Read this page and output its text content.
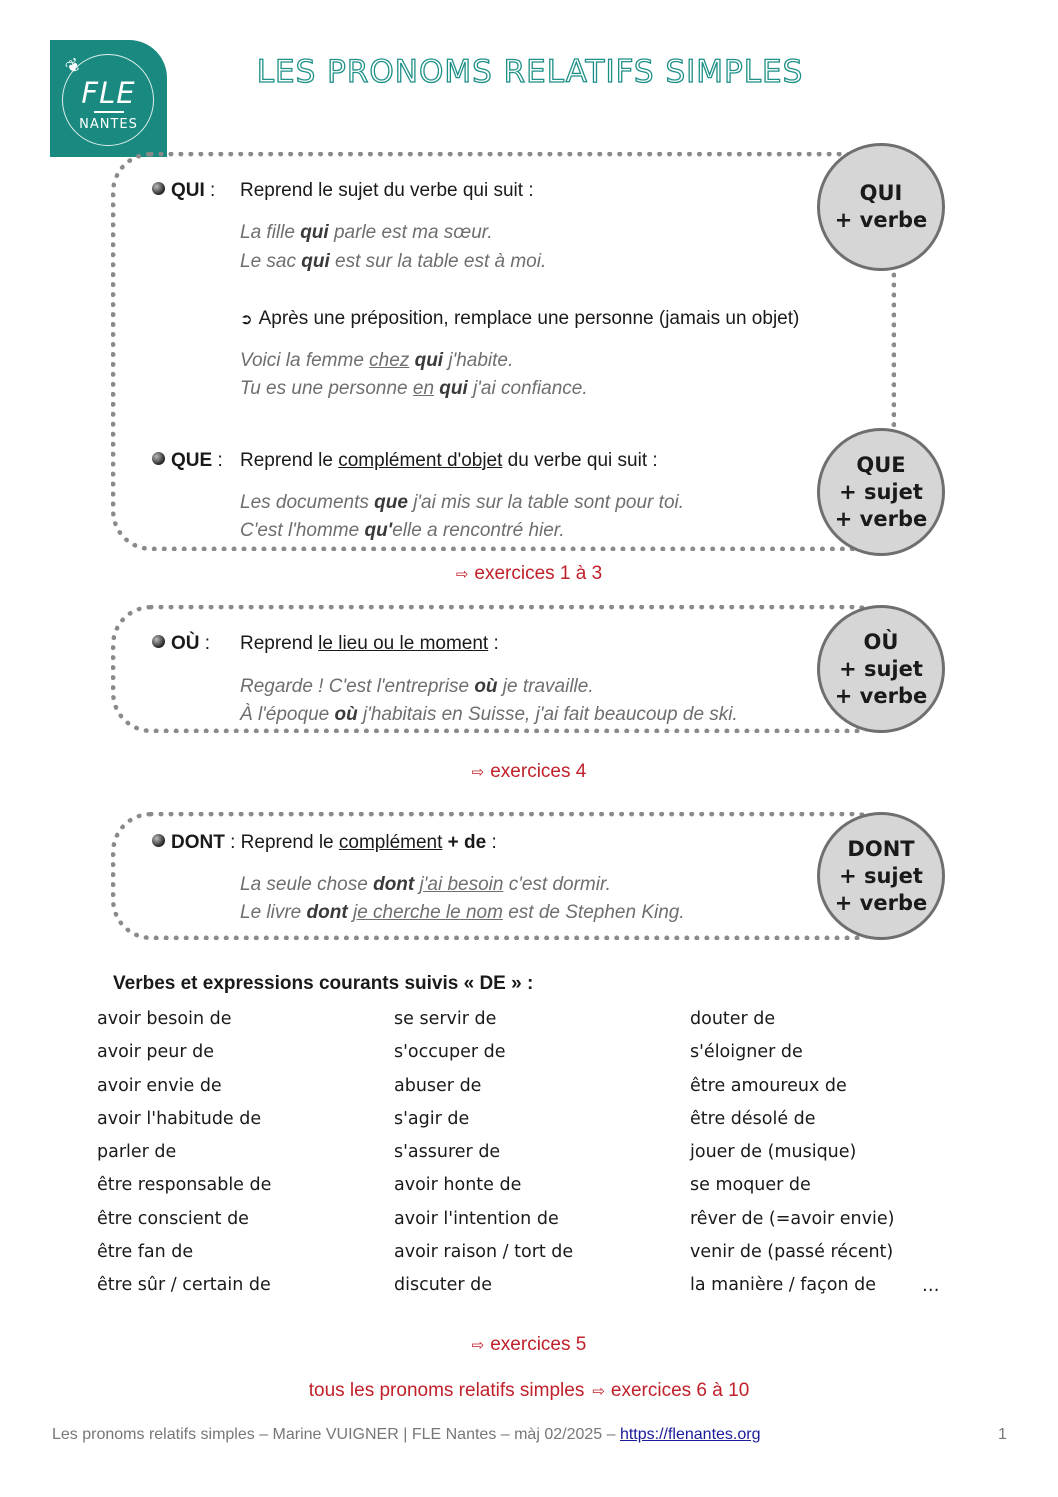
❦
FLE
NANTES
LES PRONOMS RELATIFS SIMPLES
QUI
+ verbe
QUE
+ sujet
+ verbe
QUI : Reprend le sujet du verbe qui suit :
La fille qui parle est ma sœur.
Le sac qui est sur la table est à moi.
➲ Après une préposition, remplace une personne (jamais un objet)
Voici la femme chez qui j'habite.
Tu es une personne en qui j'ai confiance.
QUE : Reprend le complément d'objet du verbe qui suit :
Les documents que j'ai mis sur la table sont pour toi.
C'est l'homme qu'elle a rencontré hier.
⇨ exercices 1 à 3
OÙ
+ sujet
+ verbe
OÙ : Reprend le lieu ou le moment :
Regarde ! C'est l'entreprise où je travaille.
À l'époque où j'habitais en Suisse, j'ai fait beaucoup de ski.
⇨ exercices 4
DONT
+ sujet
+ verbe
DONT : Reprend le complément + de :
La seule chose dont j'ai besoin c'est dormir.
Le livre dont je cherche le nom est de Stephen King.
Verbes et expressions courants suivis « DE » :
avoir besoin de
avoir peur de
avoir envie de
avoir l'habitude de
parler de
être responsable de
être conscient de
être fan de
être sûr / certain de
se servir de
s'occuper de
abuser de
s'agir de
s'assurer de
avoir honte de
avoir l'intention de
avoir raison / tort de
discuter de
douter de
s'éloigner de
être amoureux de
être désolé de
jouer de (musique)
se moquer de
rêver de (=avoir envie)
venir de (passé récent)
la manière / façon de	…
⇨ exercices 5
tous les pronoms relatifs simples ⇨ exercices 6 à 10
Les pronoms relatifs simples – Marine VUIGNER | FLE Nantes – màj 02/2025 – https://flenantes.org	1
